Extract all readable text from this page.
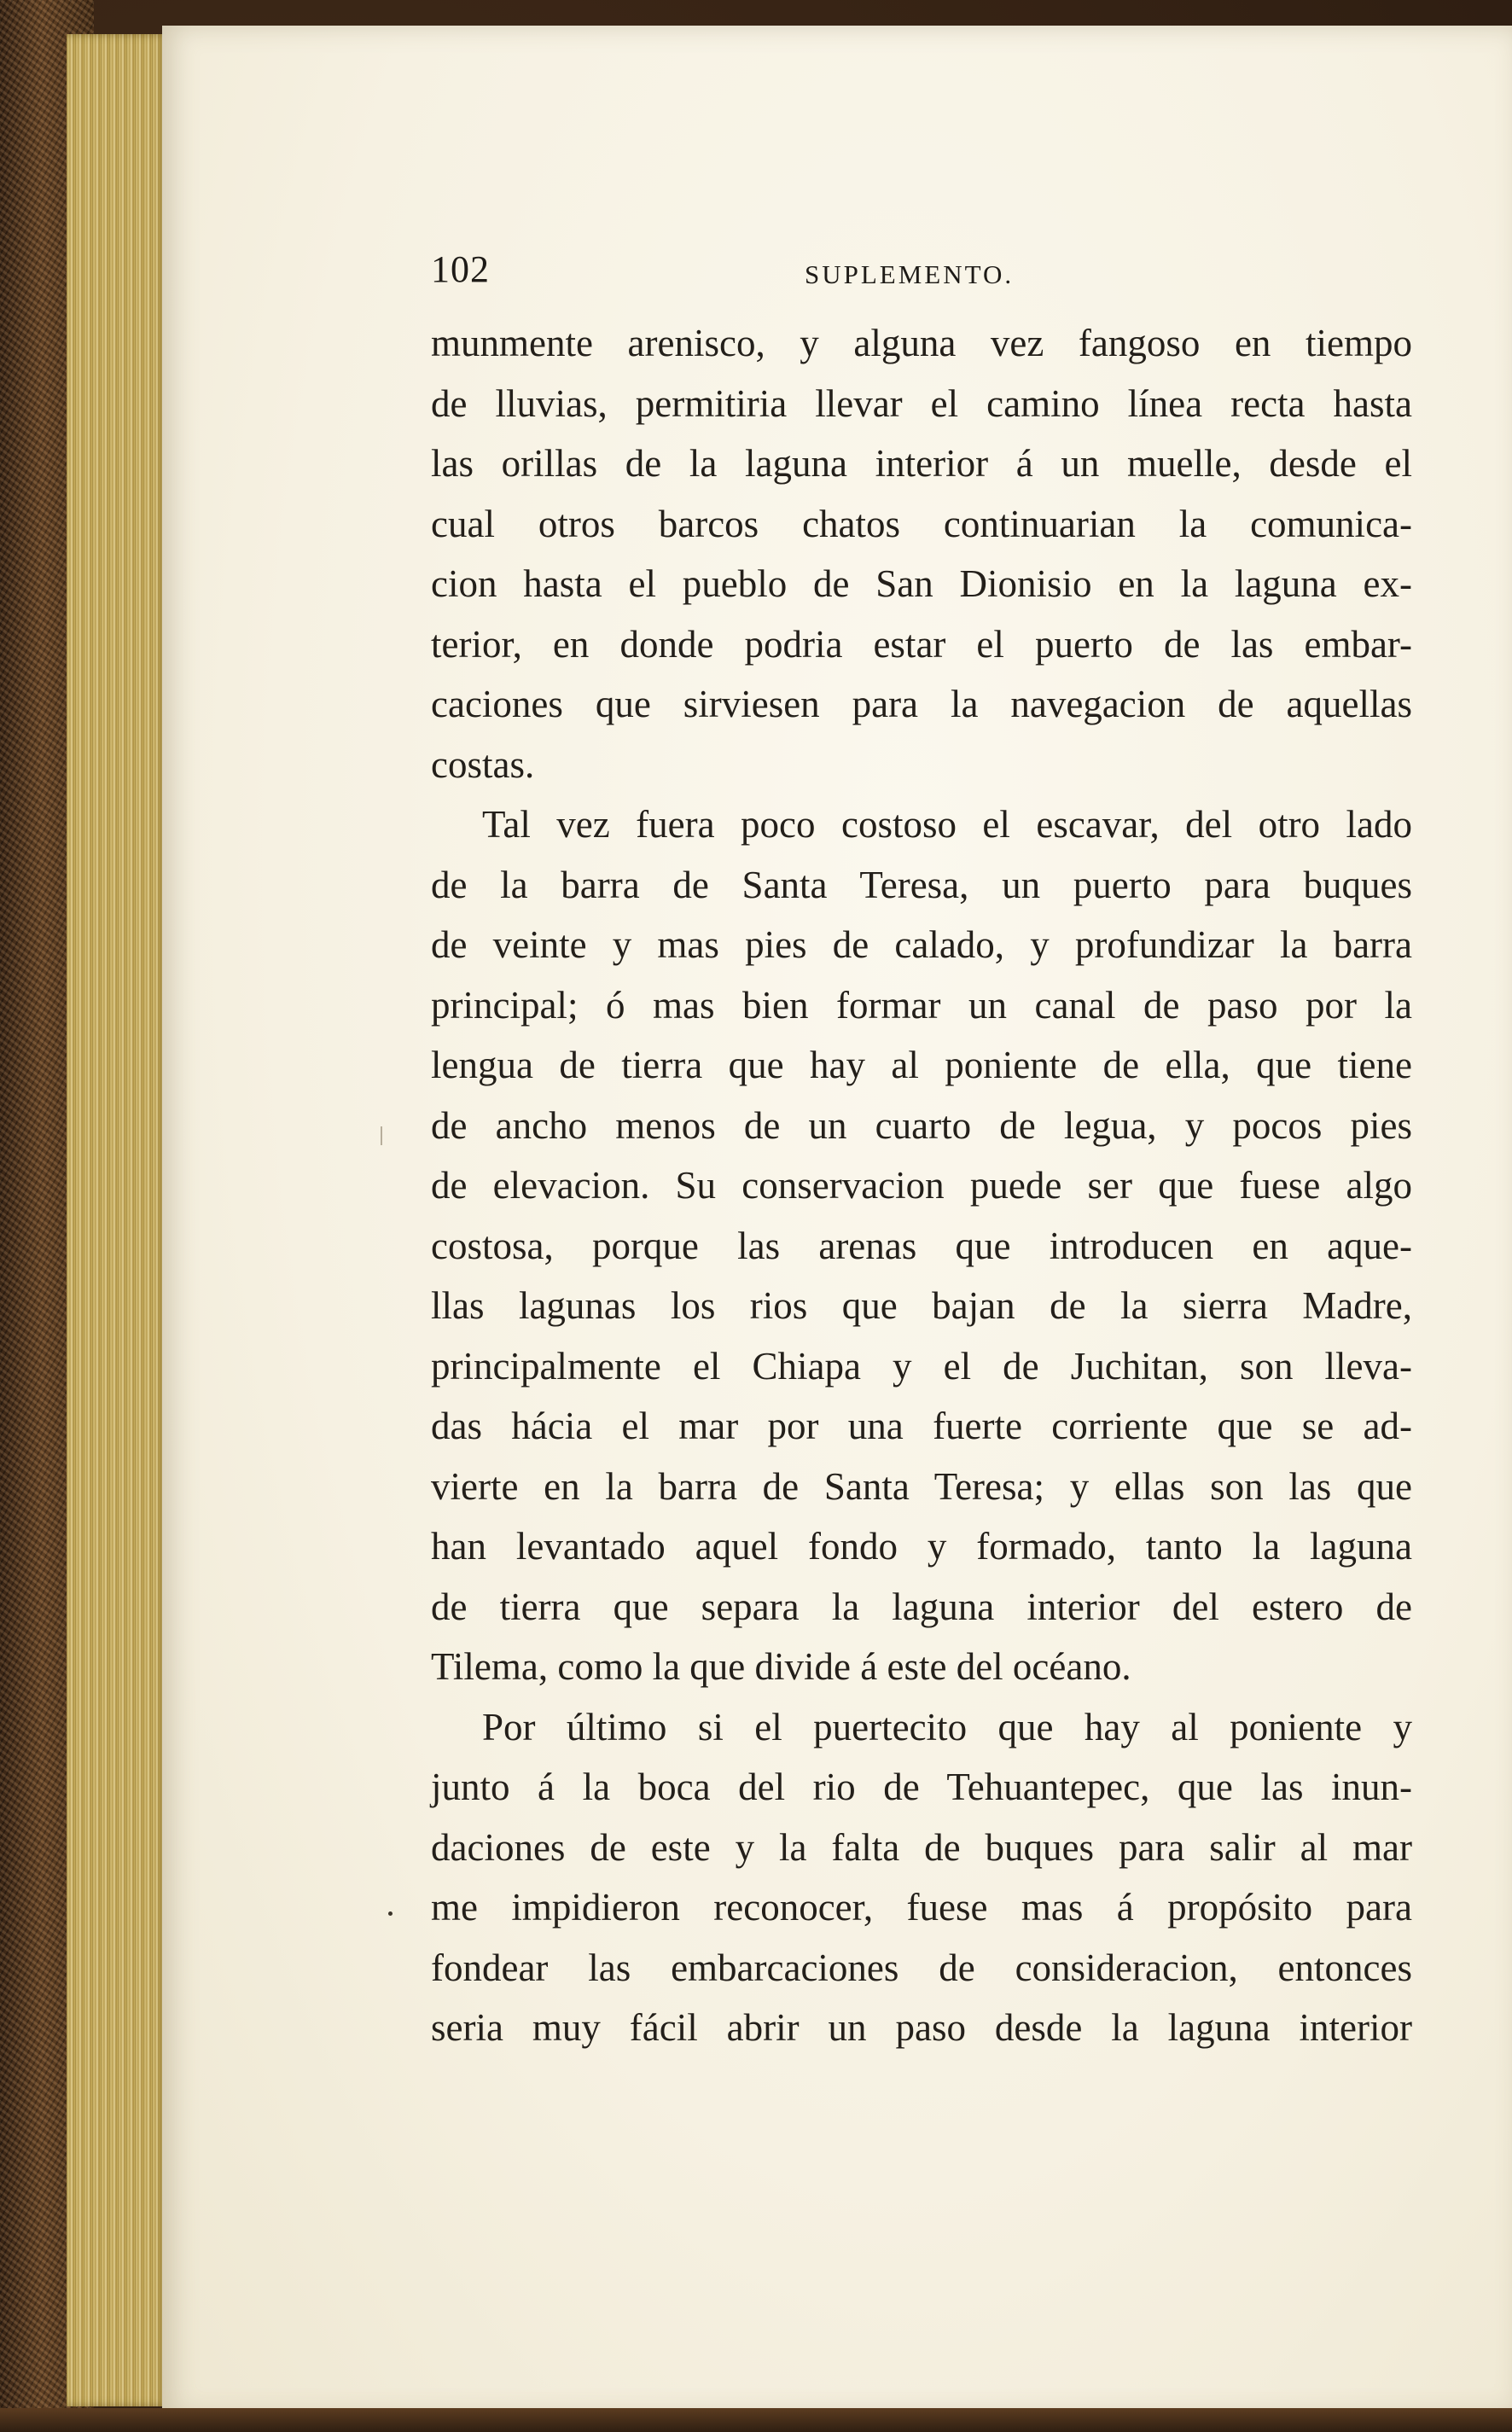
102	SUPLEMENTO.
munmente arenisco, y alguna vez fangoso en tiempo
de lluvias, permitiria llevar el camino línea recta hasta
las orillas de la laguna interior á un muelle, desde el
cual otros barcos chatos continuarian la comunica-
cion hasta el pueblo de San Dionisio en la laguna ex-
terior, en donde podria estar el puerto de las embar-
caciones que sirviesen para la navegacion de aquellas
costas.
Tal vez fuera poco costoso el escavar, del otro lado
de la barra de Santa Teresa, un puerto para buques
de veinte y mas pies de calado, y profundizar la barra
principal; ó mas bien formar un canal de paso por la
lengua de tierra que hay al poniente de ella, que tiene
de ancho menos de un cuarto de legua, y pocos pies
de elevacion. Su conservacion puede ser que fuese algo
costosa, porque las arenas que introducen en aque-
llas lagunas los rios que bajan de la sierra Madre,
principalmente el Chiapa y el de Juchitan, son lleva-
das hácia el mar por una fuerte corriente que se ad-
vierte en la barra de Santa Teresa; y ellas son las que
han levantado aquel fondo y formado, tanto la laguna
de tierra que separa la laguna interior del estero de
Tilema, como la que divide á este del océano.
Por último si el puertecito que hay al poniente y
junto á la boca del rio de Tehuantepec, que las inun-
daciones de este y la falta de buques para salir al mar
me impidieron reconocer, fuese mas á propósito para
fondear las embarcaciones de consideracion, entonces
seria muy fácil abrir un paso desde la laguna interior
